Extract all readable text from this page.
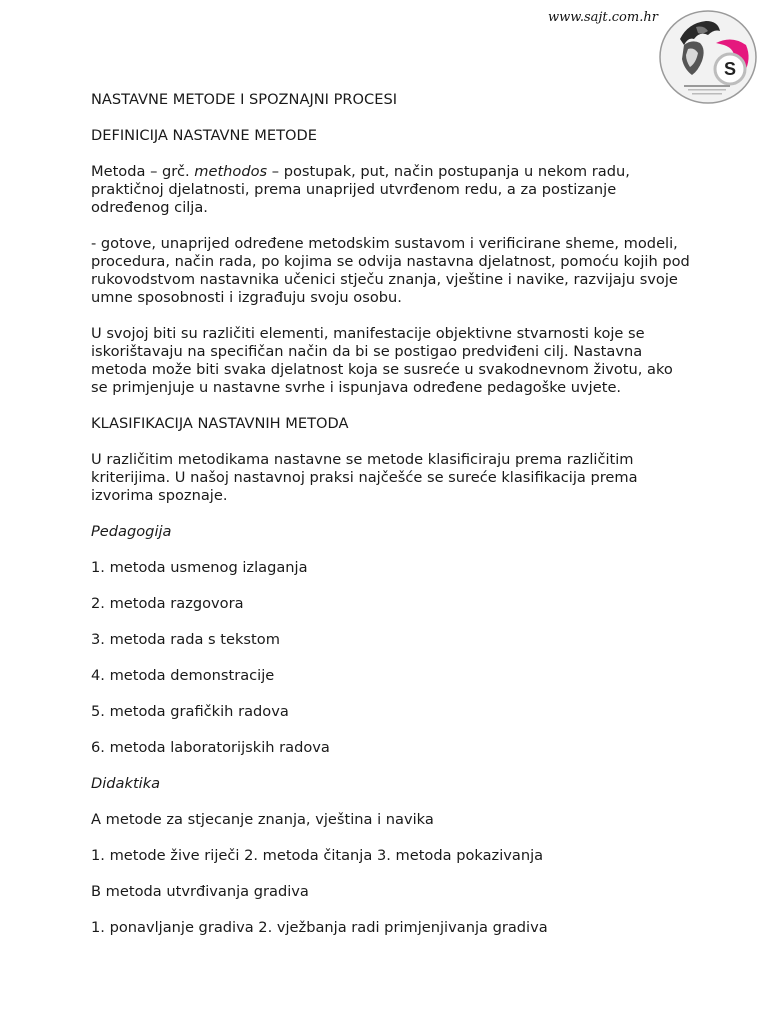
www.sajt.com.hr
S

NASTAVNE METODE I SPOZNAJNI PROCESI

DEFINICIJA NASTAVNE METODE

Metoda – grč. methodos – postupak, put, način postupanja u nekom radu, praktičnoj djelatnosti, prema unaprijed utvrđenom redu, a za postizanje određenog cilja.

- gotove, unaprijed određene metodskim sustavom i verificirane sheme, modeli, procedura, način rada, po kojima se odvija nastavna djelatnost, pomoću kojih pod rukovodstvom nastavnika učenici stječu znanja, vještine i navike, razvijaju svoje umne sposobnosti i izgrađuju svoju osobu.

U svojoj biti su različiti elementi, manifestacije objektivne stvarnosti koje se iskorištavaju na specifičan način da bi se postigao predviđeni cilj. Nastavna metoda može biti svaka djelatnost koja se susreće u svakodnevnom životu, ako se primjenjuje u nastavne svrhe i ispunjava određene pedagoške uvjete.

KLASIFIKACIJA NASTAVNIH METODA

U različitim metodikama nastavne se metode klasificiraju prema različitim kriterijima. U našoj nastavnoj praksi najčešće se sureće klasifikacija prema izvorima spoznaje.

Pedagogija

1. metoda usmenog izlaganja

2. metoda razgovora

3. metoda rada s tekstom

4. metoda demonstracije

5. metoda grafičkih radova

6. metoda laboratorijskih radova

Didaktika

A metode za stjecanje znanja, vještina i navika

1. metode žive riječi 2. metoda čitanja 3. metoda pokazivanja

B metoda utvrđivanja gradiva

1. ponavljanje gradiva 2. vježbanja radi primjenjivanja gradiva
